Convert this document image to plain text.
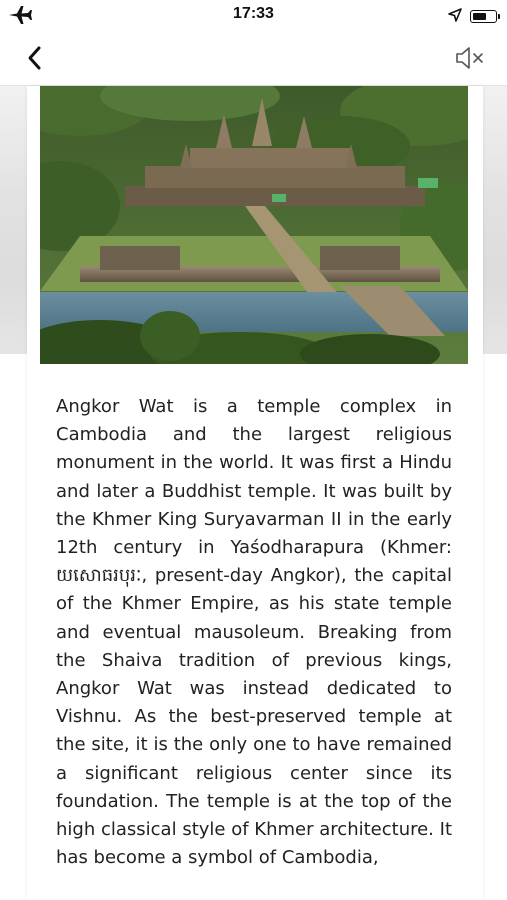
17:33

Angkor Wat is a temple complex in Cambodia and the largest religious monument in the world. It was first a Hindu and later a Buddhist temple. It was built by the Khmer King Suryavarman II in the early 12th century in Yaśodharapura (Khmer: យសោធរបុរៈ, present-day Angkor), the capital of the Khmer Empire, as his state temple and eventual mausoleum. Breaking from the Shaiva tradition of previous kings, Angkor Wat was instead dedicated to Vishnu. As the best-preserved temple at the site, it is the only one to have remained a significant religious center since its foundation. The temple is at the top of the high classical style of Khmer architecture. It has become a symbol of Cambodia,
